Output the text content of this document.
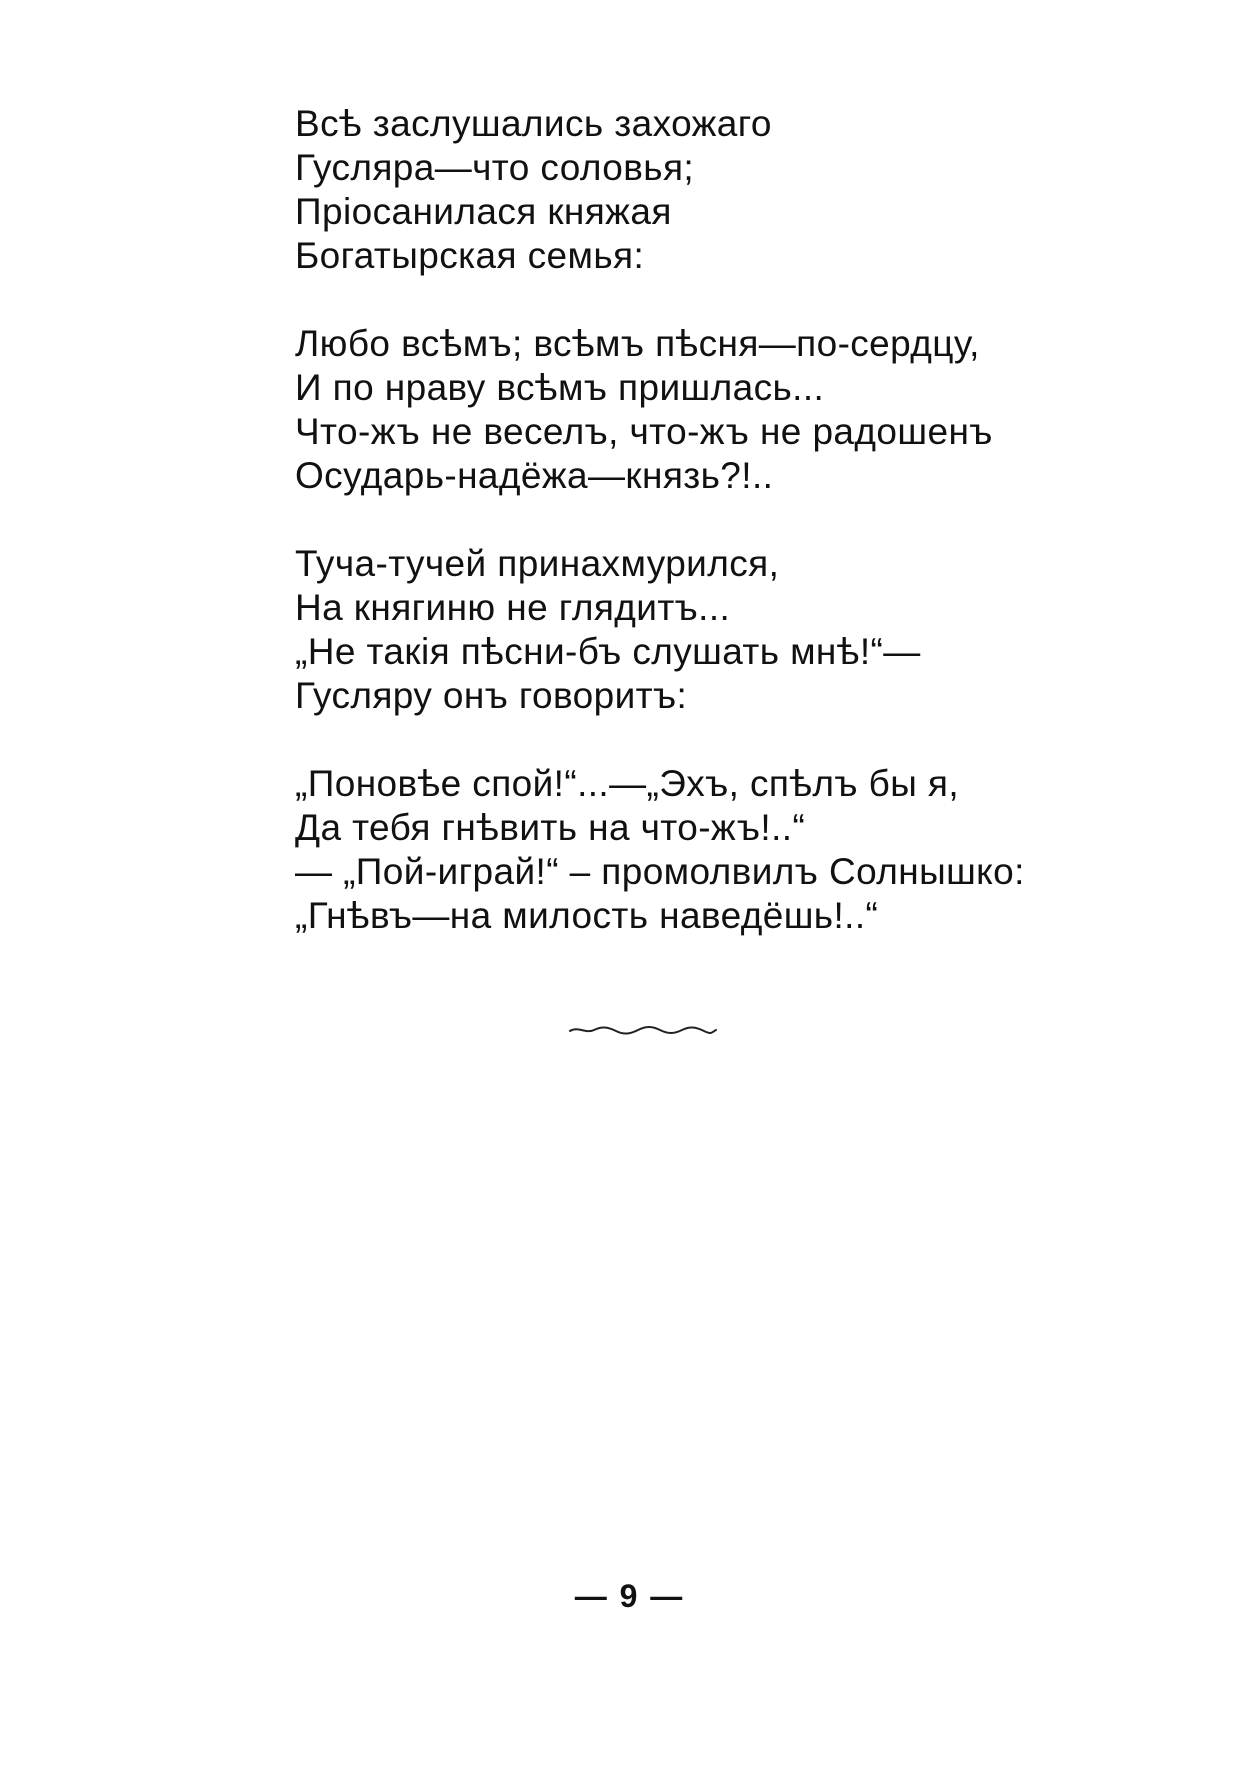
Всѣ заслушались захожаго
Гусляра—что соловья;
Пріосанилася княжая
Богатырская семья:
Любо всѣмъ; всѣмъ пѣсня—по-сердцу,
И по нраву всѣмъ пришлась...
Что-жъ не веселъ, что-жъ не радошенъ
Осударь-надёжа—князь?!..
Туча-тучей принахмурился,
На княгиню не глядитъ...
„Не такія пѣсни-бъ слушать мнѣ!“—
Гусляру онъ говоритъ:
„Поновѣе спой!“...—„Эхъ, спѣлъ бы я,
Да тебя гнѣвить на что-жъ!..“
— „Пой-играй!“ – промолвилъ Солнышко:
„Гнѣвъ—на милость наведёшь!..“
— 9 —
